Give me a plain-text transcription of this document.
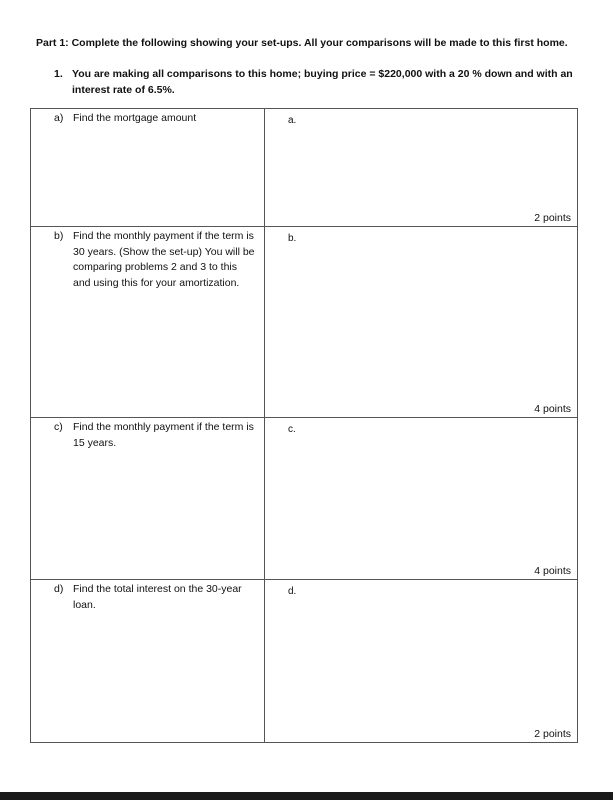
Part 1: Complete the following showing your set-ups. All your comparisons will be made to this first home.
1. You are making all comparisons to this home; buying price = $220,000 with a 20 % down and with an interest rate of 6.5%.
a) Find the mortgage amount	a.
2 points

b) Find the monthly payment if the term is 30 years. (Show the set-up) You will be comparing problems 2 and 3 to this and using this for your amortization.	b.
4 points

c) Find the monthly payment if the term is 15 years.	c.
4 points

d) Find the total interest on the 30-year loan.	d.
2 points
